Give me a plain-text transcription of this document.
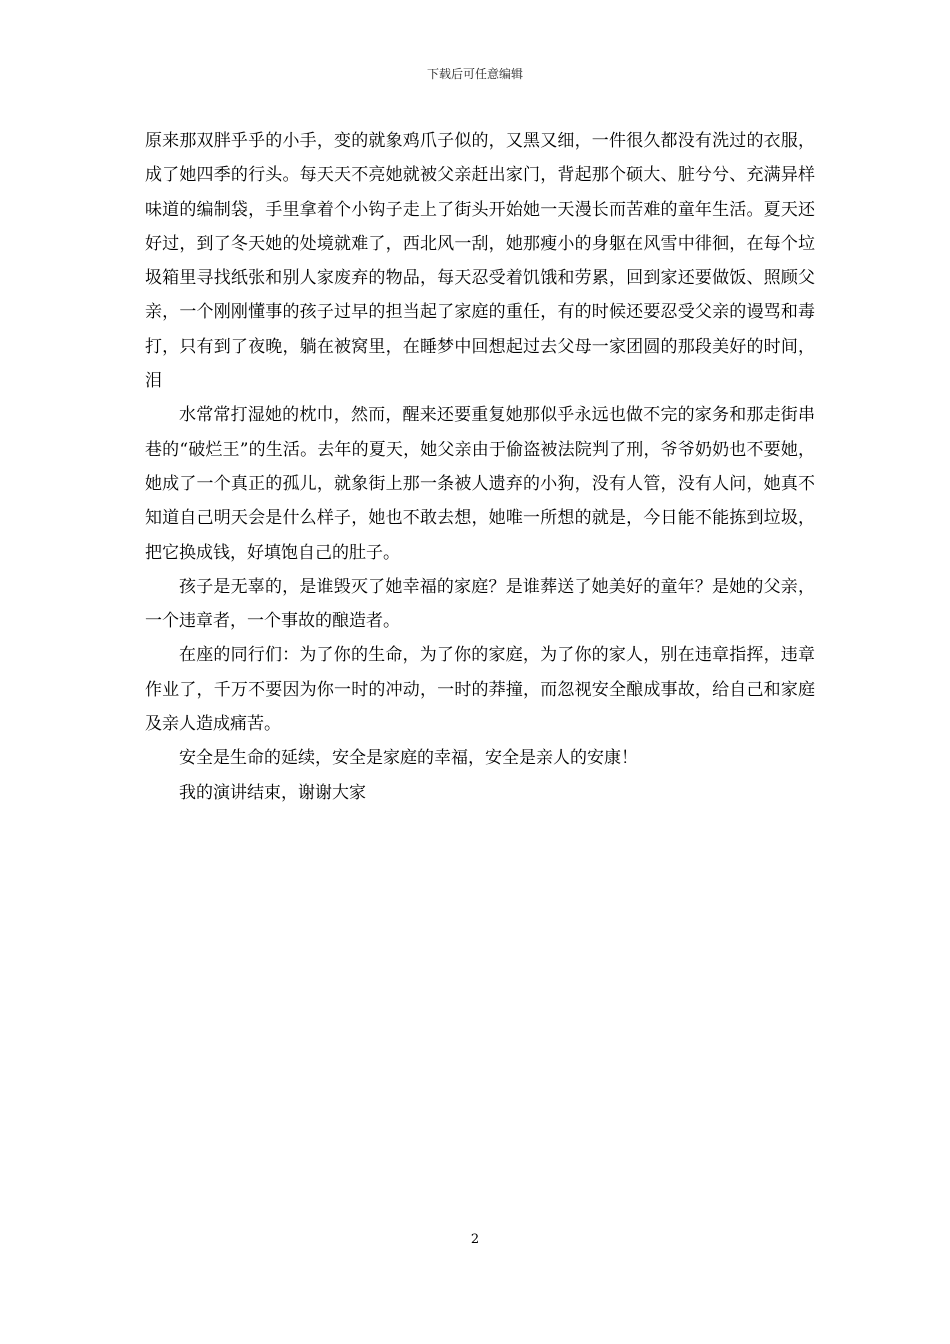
下载后可任意编辑

原来那双胖乎乎的小手，变的就象鸡爪子似的，又黑又细，一件很久都没有洗过的衣服，成了她四季的行头。每天天不亮她就被父亲赶出家门，背起那个硕大、脏兮兮、充满异样味道的编制袋，手里拿着个小钩子走上了街头开始她一天漫长而苦难的童年生活。夏天还好过，到了冬天她的处境就难了，西北风一刮，她那瘦小的身躯在风雪中徘徊，在每个垃圾箱里寻找纸张和别人家废弃的物品，每天忍受着饥饿和劳累，回到家还要做饭、照顾父亲，一个刚刚懂事的孩子过早的担当起了家庭的重任，有的时候还要忍受父亲的谩骂和毒打，只有到了夜晚，躺在被窝里，在睡梦中回想起过去父母一家团圆的那段美好的时间，泪

水常常打湿她的枕巾，然而，醒来还要重复她那似乎永远也做不完的家务和那走街串巷的“破烂王”的生活。去年的夏天，她父亲由于偷盗被法院判了刑，爷爷奶奶也不要她，她成了一个真正的孤儿，就象街上那一条被人遗弃的小狗，没有人管，没有人问，她真不知道自己明天会是什么样子，她也不敢去想，她唯一所想的就是，今日能不能拣到垃圾，把它换成钱，好填饱自己的肚子。

孩子是无辜的，是谁毁灭了她幸福的家庭？是谁葬送了她美好的童年？是她的父亲，一个违章者，一个事故的酿造者。

在座的同行们：为了你的生命，为了你的家庭，为了你的家人，别在违章指挥，违章作业了，千万不要因为你一时的冲动，一时的莽撞，而忽视安全酿成事故，给自己和家庭及亲人造成痛苦。

安全是生命的延续，安全是家庭的幸福，安全是亲人的安康！

我的演讲结束，谢谢大家

2
